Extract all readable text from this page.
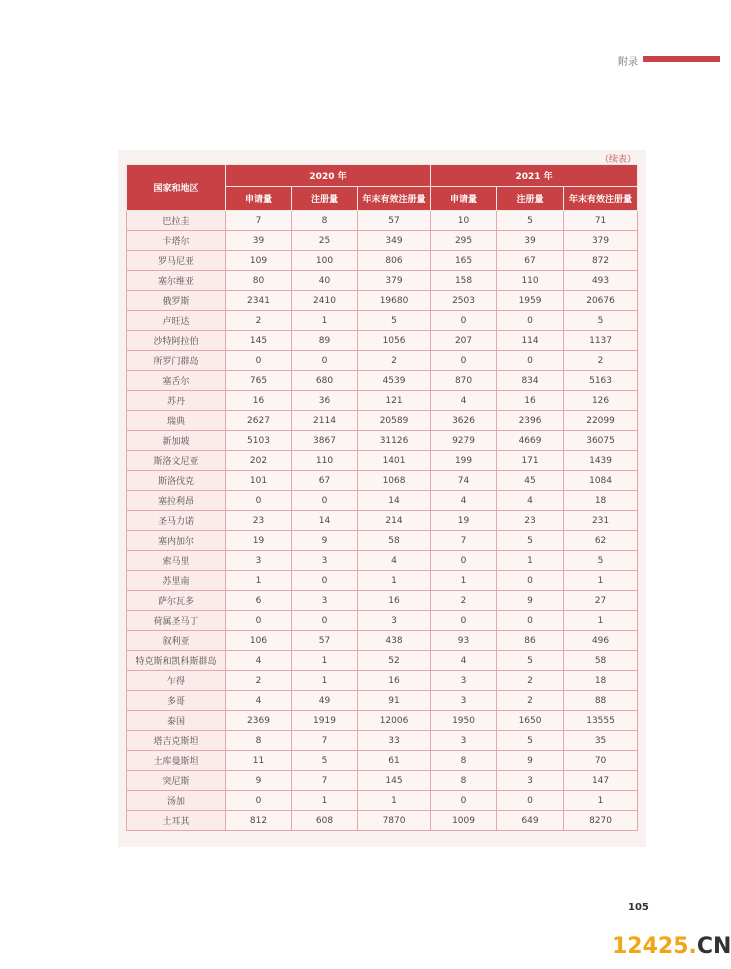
附录
（续表）
国家和地区	2020 年			2021 年		
	申请量	注册量	年末有效注册量	申请量	注册量	年末有效注册量
巴拉圭	7	8	57	10	5	71
卡塔尔	39	25	349	295	39	379
罗马尼亚	109	100	806	165	67	872
塞尔维亚	80	40	379	158	110	493
俄罗斯	2341	2410	19680	2503	1959	20676
卢旺达	2	1	5	0	0	5
沙特阿拉伯	145	89	1056	207	114	1137
所罗门群岛	0	0	2	0	0	2
塞舌尔	765	680	4539	870	834	5163
苏丹	16	36	121	4	16	126
瑞典	2627	2114	20589	3626	2396	22099
新加坡	5103	3867	31126	9279	4669	36075
斯洛文尼亚	202	110	1401	199	171	1439
斯洛伐克	101	67	1068	74	45	1084
塞拉利昂	0	0	14	4	4	18
圣马力诺	23	14	214	19	23	231
塞内加尔	19	9	58	7	5	62
索马里	3	3	4	0	1	5
苏里南	1	0	1	1	0	1
萨尔瓦多	6	3	16	2	9	27
荷属圣马丁	0	0	3	0	0	1
叙利亚	106	57	438	93	86	496
特克斯和凯科斯群岛	4	1	52	4	5	58
乍得	2	1	16	3	2	18
多哥	4	49	91	3	2	88
泰国	2369	1919	12006	1950	1650	13555
塔吉克斯坦	8	7	33	3	5	35
土库曼斯坦	11	5	61	8	9	70
突尼斯	9	7	145	8	3	147
汤加	0	1	1	0	0	1
土耳其	812	608	7870	1009	649	8270
105
12425.CN
